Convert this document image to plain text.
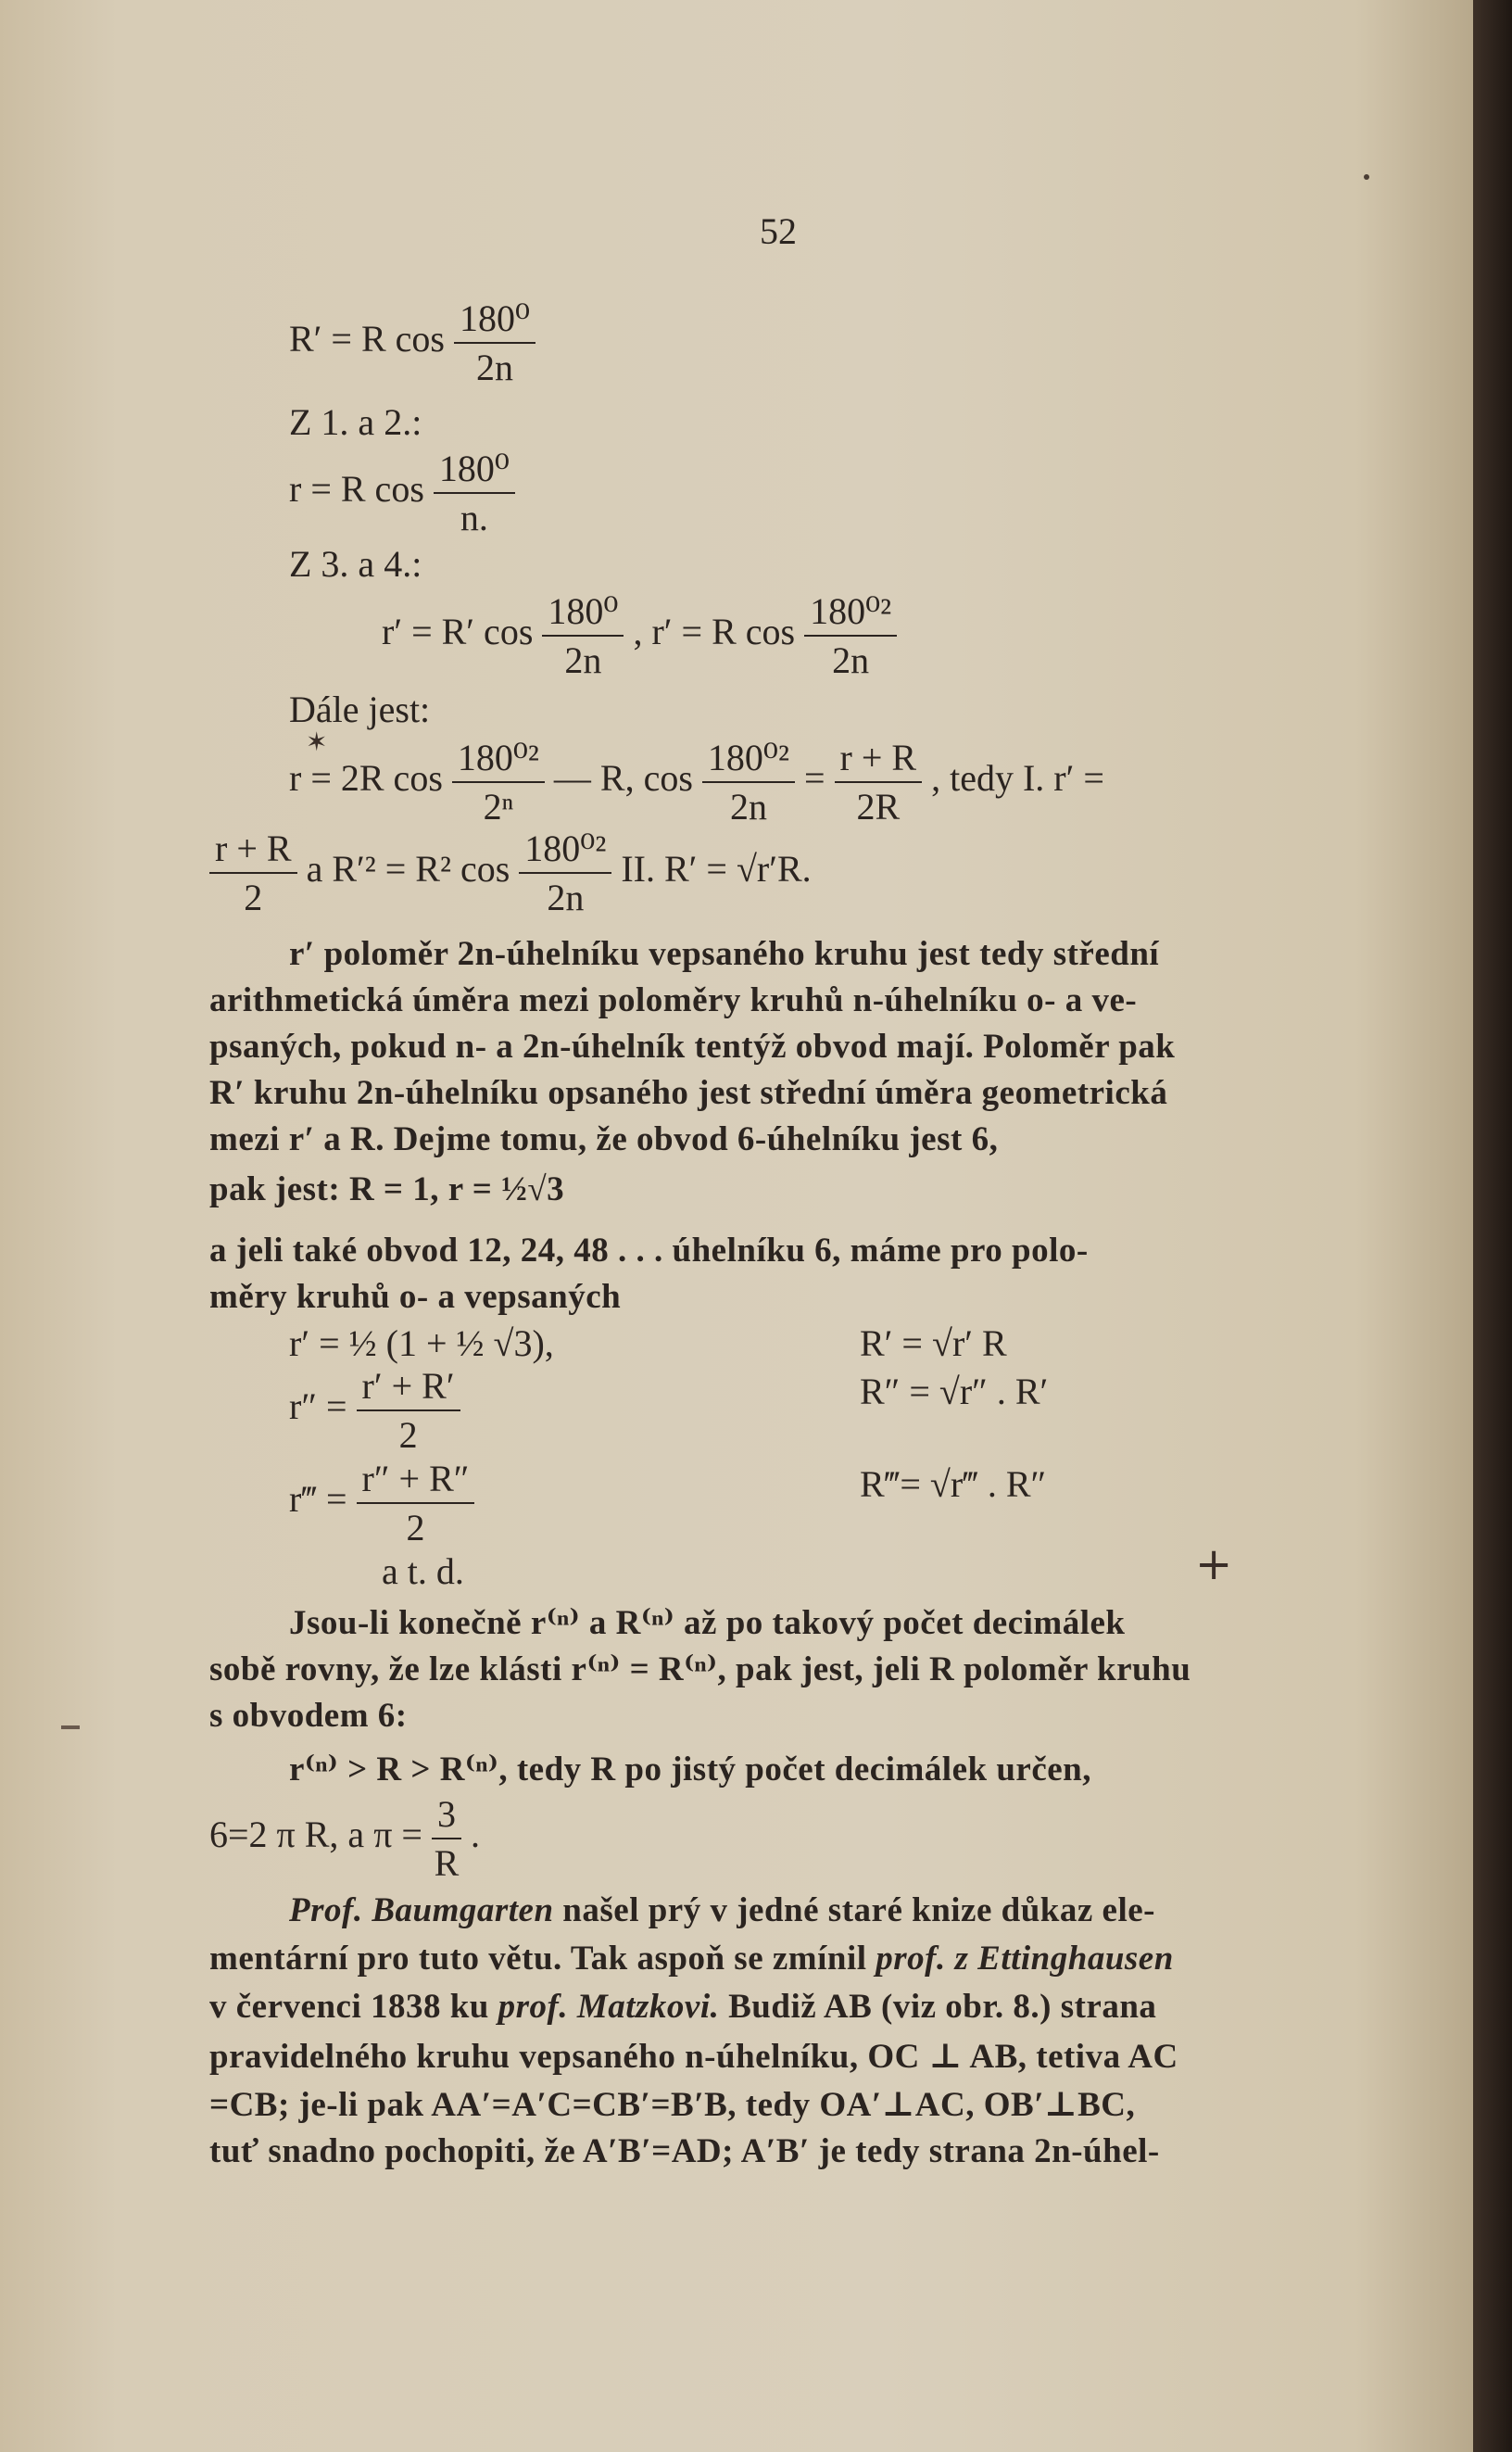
52
R′ = R $\cos \frac{\text{180⁰}}{2n}$
Z 1. a 2.:
r = R $\cos \frac{\text{180⁰}}{n.}$
Z 3. a 4.:
r′ = R′ $\cos \frac{\text{180⁰}}{2n}$ , r′ = R $\cos \frac{\text{180⁰²}}{2n}$
Dále jest:
✶
r = 2R $\cos \frac{\text{180⁰²}}{\text{2ⁿ}}$ — R, $\cos \frac{\text{180⁰²}}{2n} = \frac{r + R}{2R}$ , tedy I. r′ =
$\frac{r + R}{2}$ a R′² = R² $\cos \frac{\text{180⁰²}}{2n}$ II. R′ = √r′R.
r′ poloměr 2n-úhelníku vepsaného kruhu jest tedy střední
arithmetická úměra mezi poloměry kruhů n-úhelníku o- a ve-
psaných, pokud n- a 2n-úhelník tentýž obvod mají. Poloměr pak
R′ kruhu 2n-úhelníku opsaného jest střední úměra geometrická
mezi r′ a R. Dejme tomu, že obvod 6-úhelníku jest 6,
pak jest: R = 1, r = ½√3
a jeli také obvod 12, 24, 48 . . . úhelníku 6, máme pro polo-
měry kruhů o- a vepsaných
r′ = ½ (1 + ½ √3),	R′ = √r′ R
$r'' = \frac{r' + R'}{2}$	R″ = √r″ . R′
r‴ = $\frac{r'' + R''}{2}$	R‴= √r‴ . R″
a t. d.	+
Jsou-li konečně r⁽ⁿ⁾ a R⁽ⁿ⁾ až po takový počet decimálek
sobě rovny, že lze klásti r⁽ⁿ⁾ = R⁽ⁿ⁾, pak jest, jeli R poloměr kruhu
s obvodem 6:
r⁽ⁿ⁾ > R > R⁽ⁿ⁾, tedy R po jistý počet decimálek určen,
6=2 π R, a $\pi = \frac{3}{R}$ .
Prof. Baumgarten našel prý v jedné staré knize důkaz ele-
mentární pro tuto větu. Tak aspoň se zmínil prof. z Ettinghausen
v červenci 1838 ku prof. Matzkovi. Budiž AB (viz obr. 8.) strana
pravidelného kruhu vepsaného n-úhelníku, OC ⊥ AB, tetiva AC
=CB; je-li pak AA′=A′C=CB′=B′B, tedy OA′⊥AC, OB′⊥BC,
tuť snadno pochopiti, že A′B′=AD; A′B′ je tedy strana 2n-úhel-
